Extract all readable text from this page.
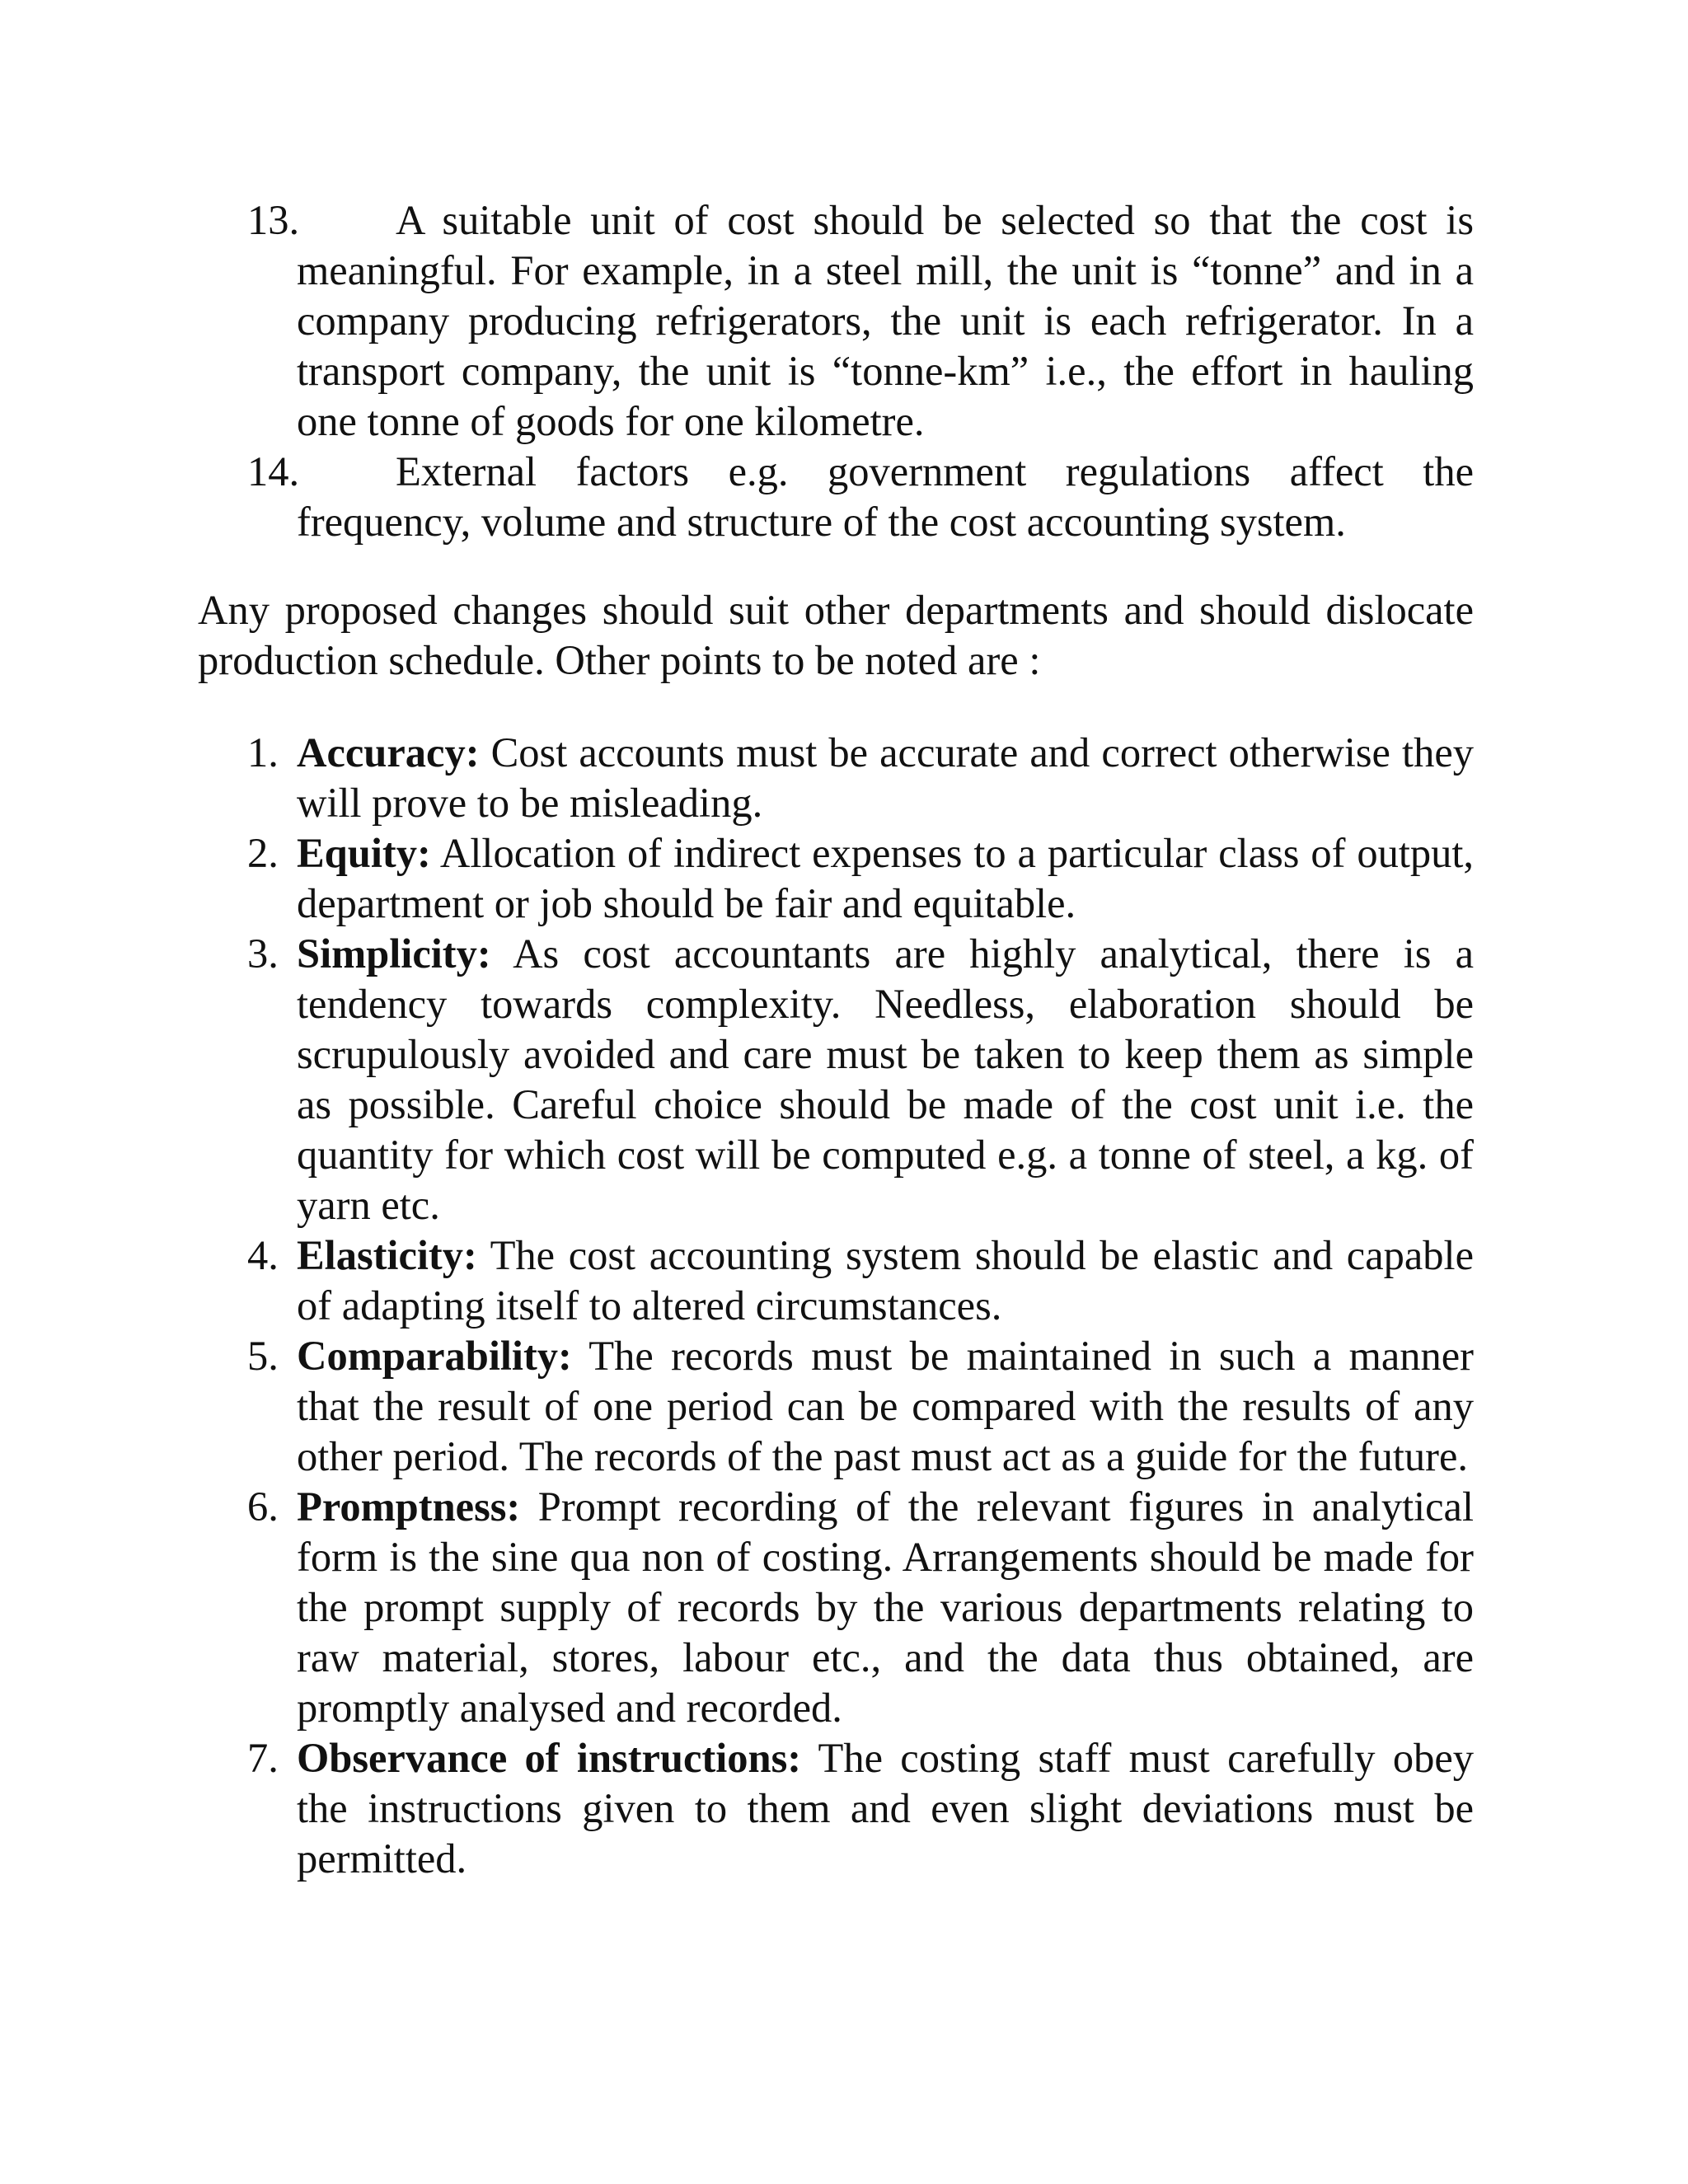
13. A suitable unit of cost should be selected so that the cost is meaningful. For example, in a steel mill, the unit is “tonne” and in a company producing refrigerators, the unit is each refrigerator. In a transport company, the unit is “tonne-km” i.e., the effort in hauling one tonne of goods for one kilometre.
14. External factors e.g. government regulations affect the frequency, volume and structure of the cost accounting system.
Any proposed changes should suit other departments and should dislocate production schedule. Other points to be noted are :
1. Accuracy: Cost accounts must be accurate and correct otherwise they will prove to be misleading.
2. Equity: Allocation of indirect expenses to a particular class of output, department or job should be fair and equitable.
3. Simplicity: As cost accountants are highly analytical, there is a tendency towards complexity. Needless, elaboration should be scrupulously avoided and care must be taken to keep them as simple as possible. Careful choice should be made of the cost unit i.e. the quantity for which cost will be computed e.g. a tonne of steel, a kg. of yarn etc.
4. Elasticity: The cost accounting system should be elastic and capable of adapting itself to altered circumstances.
5. Comparability: The records must be maintained in such a manner that the result of one period can be compared with the results of any other period. The records of the past must act as a guide for the future.
6. Promptness: Prompt recording of the relevant figures in analytical form is the sine qua non of costing. Arrangements should be made for the prompt supply of records by the various departments relating to raw material, stores, labour etc., and the data thus obtained, are promptly analysed and recorded.
7. Observance of instructions: The costing staff must carefully obey the instructions given to them and even slight deviations must be permitted.
